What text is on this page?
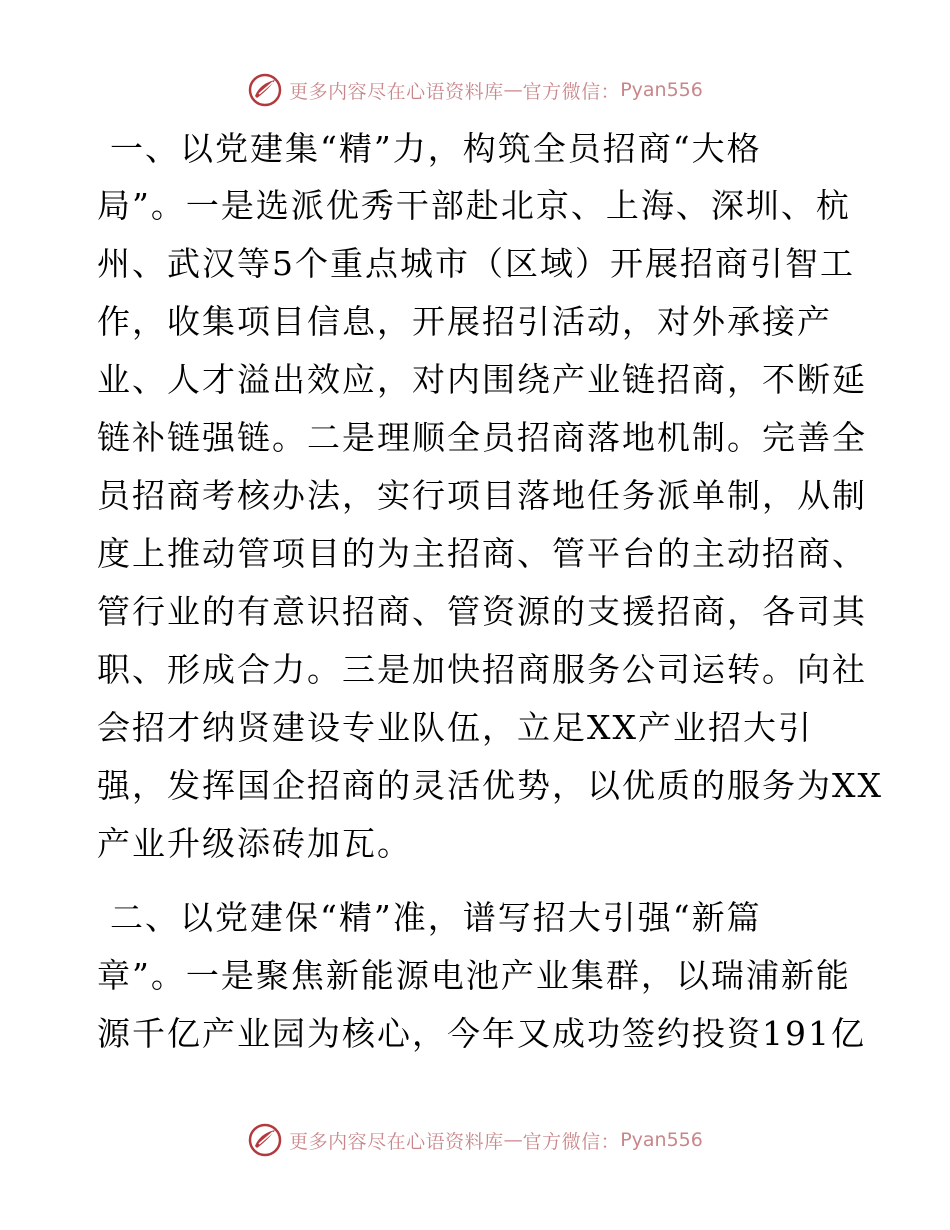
更多内容尽在心语资料库 — 官方微信： Pyan556
一、以党建集“精”力，构筑全员招商“大格
局”。一是选派优秀干部赴北京、上海、深圳、杭
州、武汉等5个重点城市（区域）开展招商引智工
作，收集项目信息，开展招引活动，对外承接产
业、人才溢出效应，对内围绕产业链招商，不断延
链补链强链。二是理顺全员招商落地机制。完善全
员招商考核办法，实行项目落地任务派单制，从制
度上推动管项目的为主招商、管平台的主动招商、
管行业的有意识招商、管资源的支援招商，各司其
职、形成合力。三是加快招商服务公司运转。向社
会招才纳贤建设专业队伍，立足XX产业招大引
强，发挥国企招商的灵活优势，以优质的服务为XX
产业升级添砖加瓦。
二、以党建保“精”准，谱写招大引强“新篇
章”。一是聚焦新能源电池产业集群，以瑞浦新能
源千亿产业园为核心，今年又成功签约投资191亿
更多内容尽在心语资料库 — 官方微信： Pyan556
